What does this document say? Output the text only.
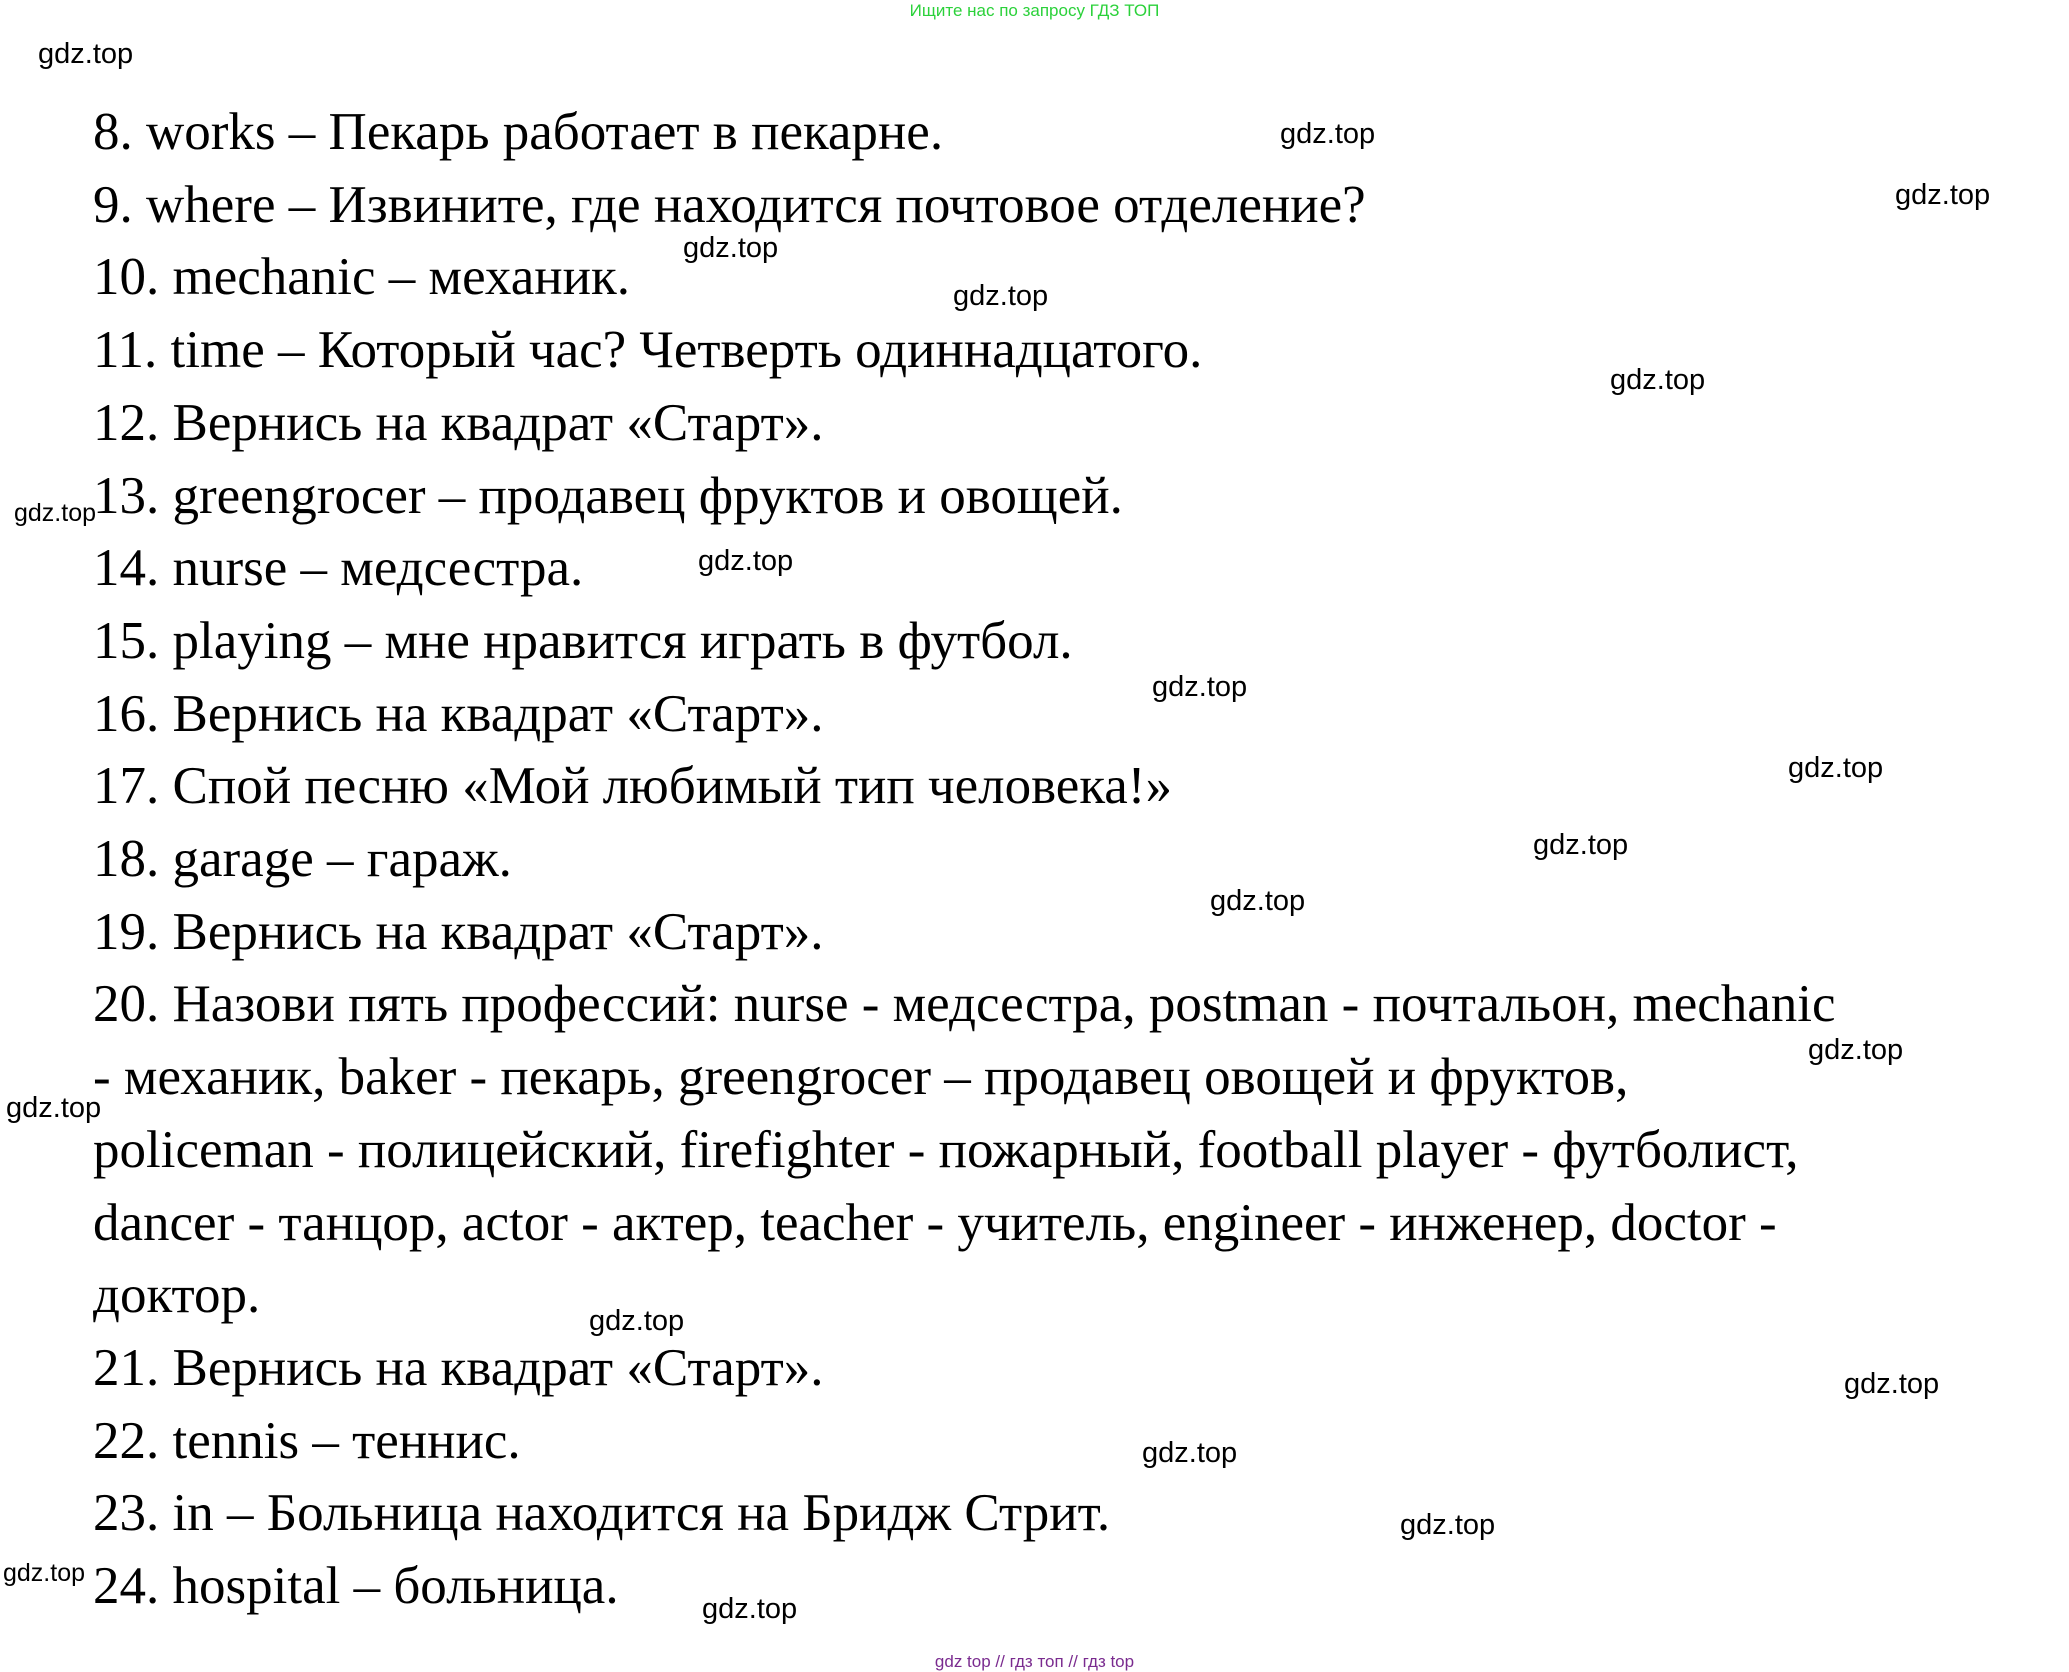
Ищите нас по запросу ГДЗ ТОП
8. works – Пекарь работает в пекарне.
9. where – Извините, где находится почтовое отделение?
10. mechanic – механик.
11. time – Который час? Четверть одиннадцатого.
12. Вернись на квадрат «Старт».
13. greengrocer – продавец фруктов и овощей.
14. nurse – медсестра.
15. playing – мне нравится играть в футбол.
16. Вернись на квадрат «Старт».
17. Спой песню «Мой любимый тип человека!»
18. garage – гараж.
19. Вернись на квадрат «Старт».
20. Назови пять профессий: nurse - медсестра, postman - почтальон, mechanic
- механик, baker - пекарь, greengrocer – продавец овощей и фруктов,
policeman - полицейский, firefighter - пожарный, football player - футболист,
dancer - танцор, actor - актер, teacher - учитель, engineer - инженер, doctor -
доктор.
21. Вернись на квадрат «Старт».
22. tennis – теннис.
23. in – Больница находится на Бридж Стрит.
24. hospital – больница.
gdz.top
gdz.top
gdz.top
gdz.top
gdz.top
gdz.top
gdz.top
gdz.top
gdz.top
gdz.top
gdz.top
gdz.top
gdz.top
gdz.top
gdz.top
gdz.top
gdz.top
gdz.top
gdz.top
gdz.top
gdz top // гдз топ // гдз top
